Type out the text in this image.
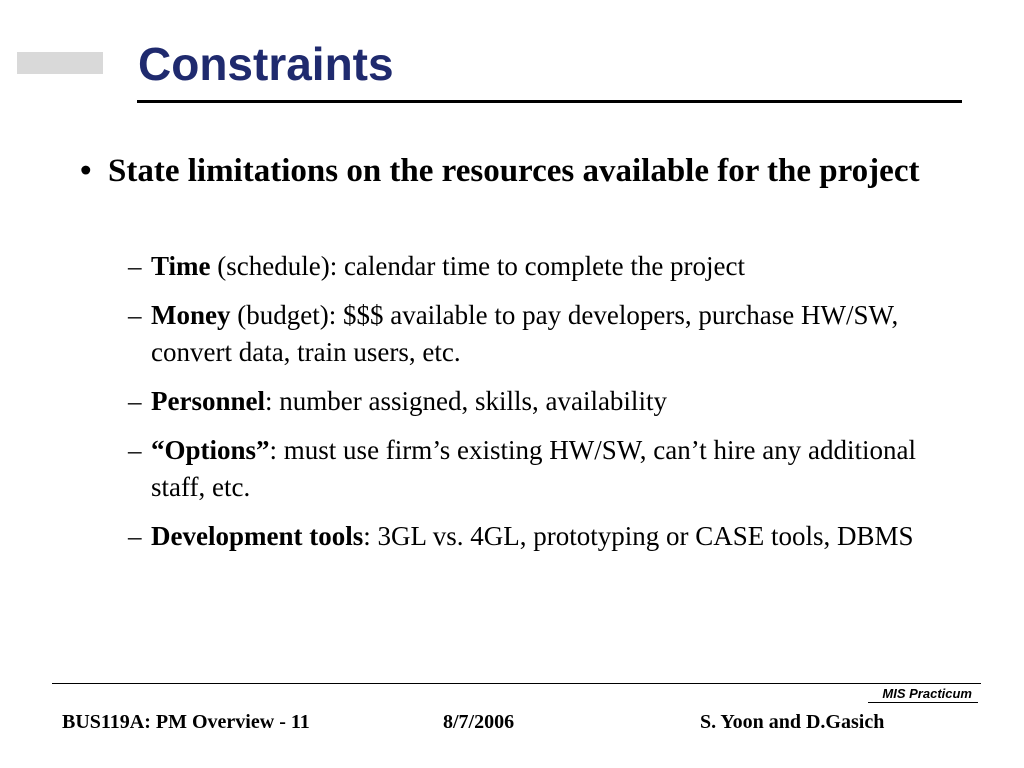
Constraints
• State limitations on the resources available for the project
– Time (schedule): calendar time to complete the project
– Money (budget): $$$ available to pay developers, purchase HW/SW, convert data, train users, etc.
– Personnel: number assigned, skills, availability
– “Options”: must use firm’s existing HW/SW, can’t hire any additional staff, etc.
– Development tools: 3GL vs. 4GL, prototyping or CASE tools, DBMS
MIS Practicum
BUS119A: PM Overview - 11	8/7/2006	S. Yoon and D.Gasich
